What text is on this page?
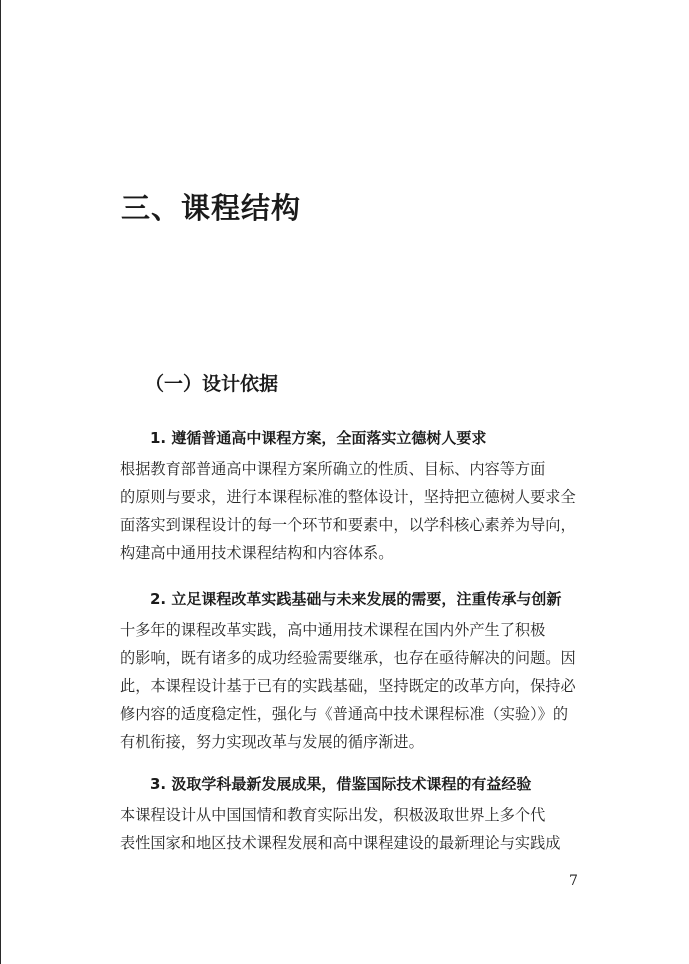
三、课程结构
（一）设计依据
1. 遵循普通高中课程方案，全面落实立德树人要求

根据教育部普通高中课程方案所确立的性质、目标、内容等方面
的原则与要求，进行本课程标准的整体设计，坚持把立德树人要求全
面落实到课程设计的每一个环节和要素中，以学科核心素养为导向，
构建高中通用技术课程结构和内容体系。

2. 立足课程改革实践基础与未来发展的需要，注重传承与创新

十多年的课程改革实践，高中通用技术课程在国内外产生了积极
的影响，既有诸多的成功经验需要继承，也存在亟待解决的问题。因
此，本课程设计基于已有的实践基础，坚持既定的改革方向，保持必
修内容的适度稳定性，强化与《普通高中技术课程标准（实验）》的
有机衔接，努力实现改革与发展的循序渐进。

3. 汲取学科最新发展成果，借鉴国际技术课程的有益经验

本课程设计从中国国情和教育实际出发，积极汲取世界上多个代
表性国家和地区技术课程发展和高中课程建设的最新理论与实践成

7
